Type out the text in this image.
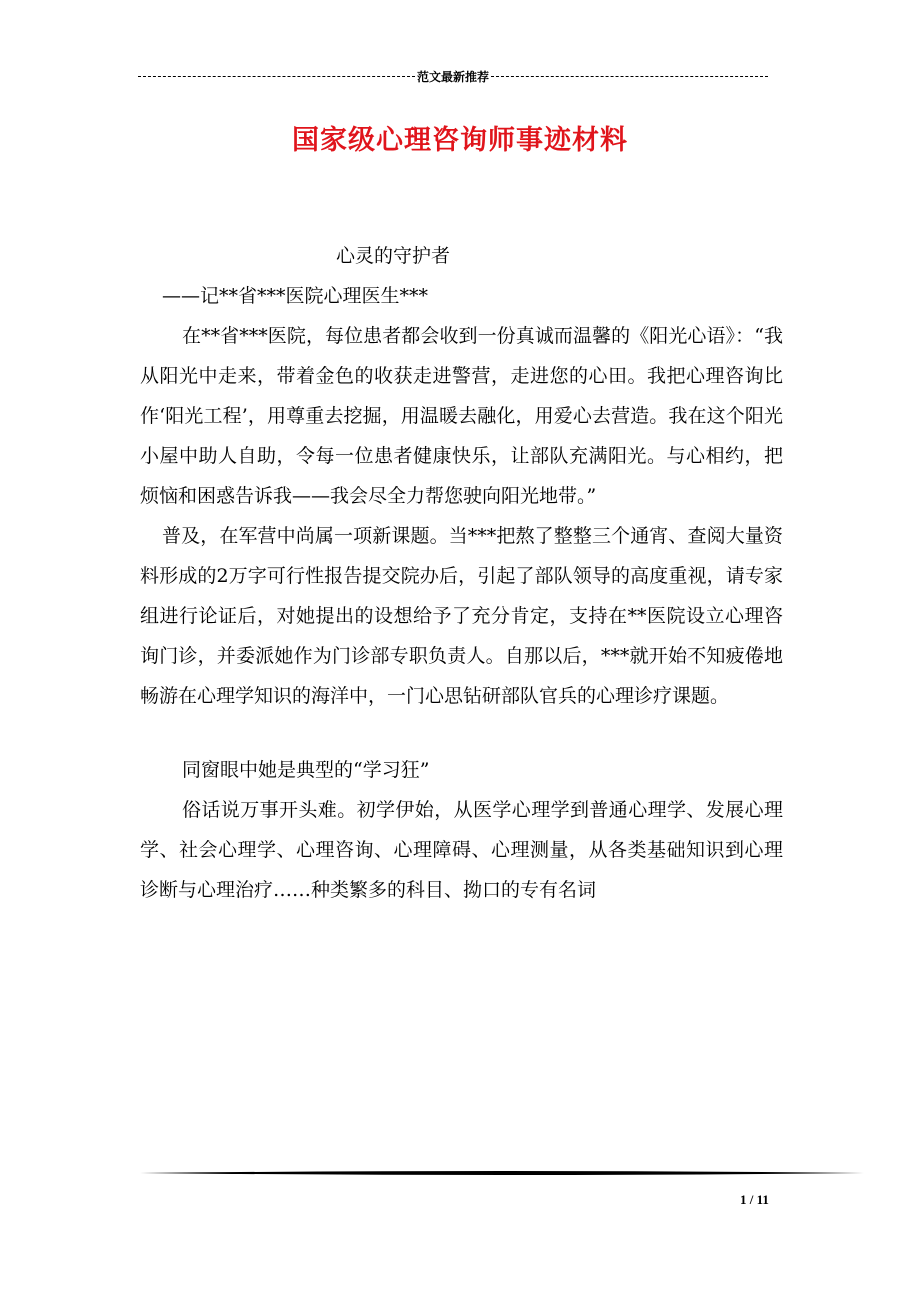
范文最新推荐
国家级心理咨询师事迹材料

心灵的守护者

——记**省***医院心理医生***

在**省***医院，每位患者都会收到一份真诚而温馨的《阳光心语》：“我从阳光中走来，带着金色的收获走进警营，走进您的心田。我把心理咨询比作‘阳光工程’，用尊重去挖掘，用温暖去融化，用爱心去营造。我在这个阳光小屋中助人自助，令每一位患者健康快乐，让部队充满阳光。与心相约，把烦恼和困惑告诉我——我会尽全力帮您驶向阳光地带。”

普及，在军营中尚属一项新课题。当***把熬了整整三个通宵、查阅大量资料形成的2万字可行性报告提交院办后，引起了部队领导的高度重视，请专家组进行论证后，对她提出的设想给予了充分肯定，支持在**医院设立心理咨询门诊，并委派她作为门诊部专职负责人。自那以后，***就开始不知疲倦地畅游在心理学知识的海洋中，一门心思钻研部队官兵的心理诊疗课题。

同窗眼中她是典型的“学习狂”

俗话说万事开头难。初学伊始，从医学心理学到普通心理学、发展心理学、社会心理学、心理咨询、心理障碍、心理测量，从各类基础知识到心理诊断与心理治疗……种类繁多的科目、拗口的专有名词

1 / 11
